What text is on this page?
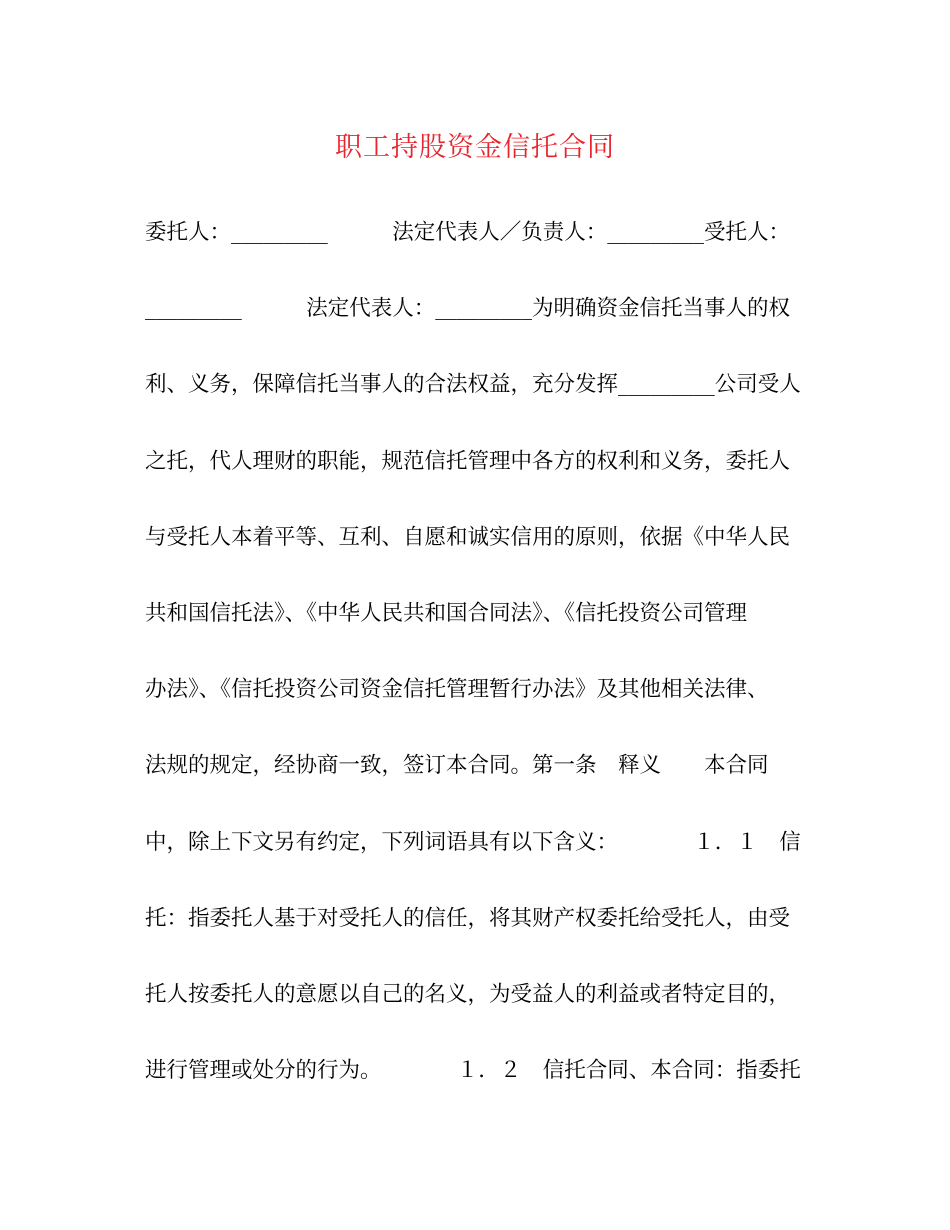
职工持股资金信托合同
委托人：_________　　　法定代表人／负责人：_________受托人：
_________　　　法定代表人：_________为明确资金信托当事人的权
利、义务，保障信托当事人的合法权益，充分发挥_________公司受人
之托，代人理财的职能，规范信托管理中各方的权利和义务，委托人
与受托人本着平等、互利、自愿和诚实信用的原则，依据《中华人民
共和国信托法》、《中华人民共和国合同法》、《信托投资公司管理
办法》、《信托投资公司资金信托管理暂行办法》及其他相关法律、
法规的规定，经协商一致，签订本合同。第一条　释义　　本合同
中，除上下文另有约定，下列词语具有以下含义：　　　　１．１　信
托：指委托人基于对受托人的信任，将其财产权委托给受托人，由受
托人按委托人的意愿以自己的名义，为受益人的利益或者特定目的，
进行管理或处分的行为。　　　　１．２　信托合同、本合同：指委托
